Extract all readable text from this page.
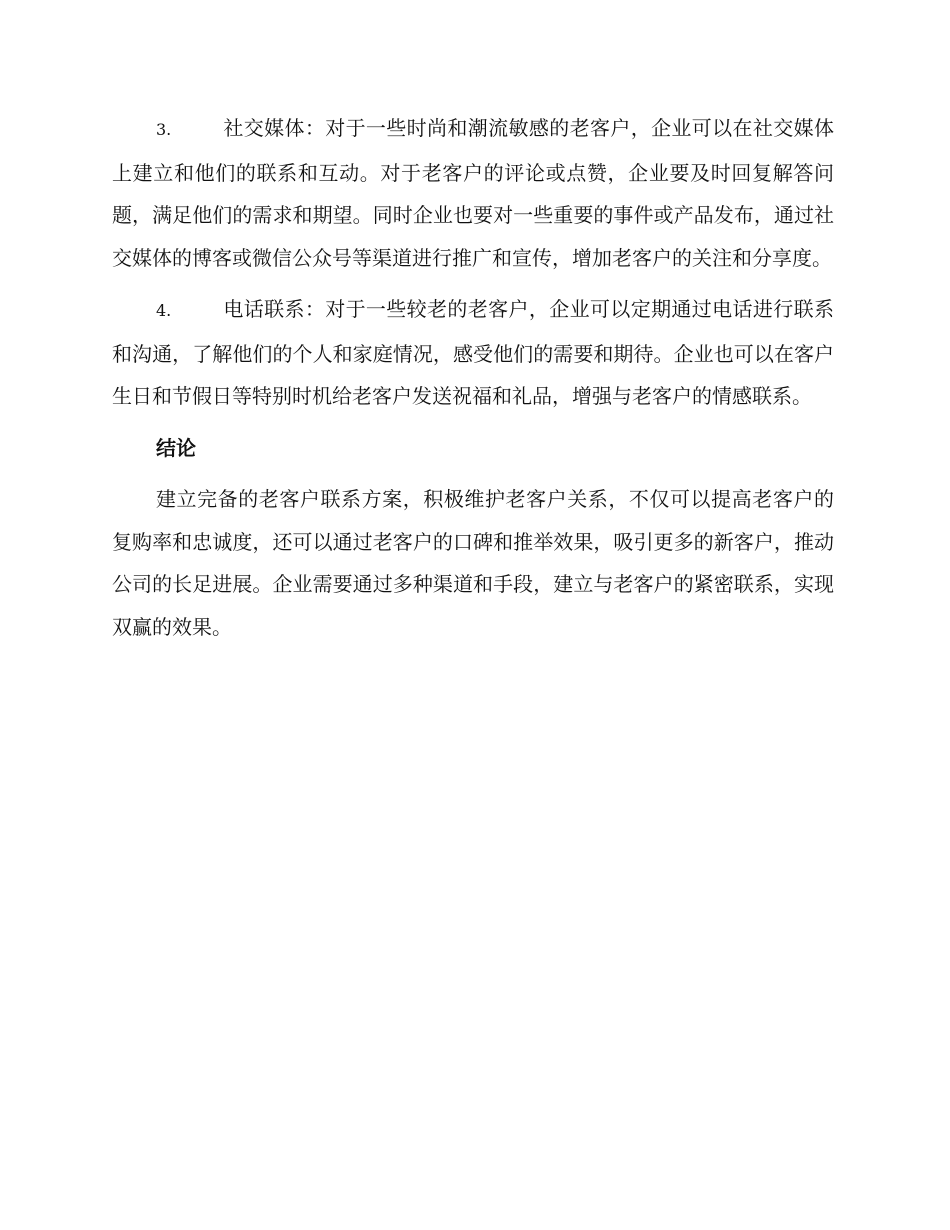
3.	社交媒体：对于一些时尚和潮流敏感的老客户，企业可以在社交媒体上建立和他们的联系和互动。对于老客户的评论或点赞，企业要及时回复解答问题，满足他们的需求和期望。同时企业也要对一些重要的事件或产品发布，通过社交媒体的博客或微信公众号等渠道进行推广和宣传，增加老客户的关注和分享度。

4.	电话联系：对于一些较老的老客户，企业可以定期通过电话进行联系和沟通，了解他们的个人和家庭情况，感受他们的需要和期待。企业也可以在客户生日和节假日等特别时机给老客户发送祝福和礼品，增强与老客户的情感联系。

结论

建立完备的老客户联系方案，积极维护老客户关系，不仅可以提高老客户的复购率和忠诚度，还可以通过老客户的口碑和推举效果，吸引更多的新客户，推动公司的长足进展。企业需要通过多种渠道和手段，建立与老客户的紧密联系，实现双赢的效果。
